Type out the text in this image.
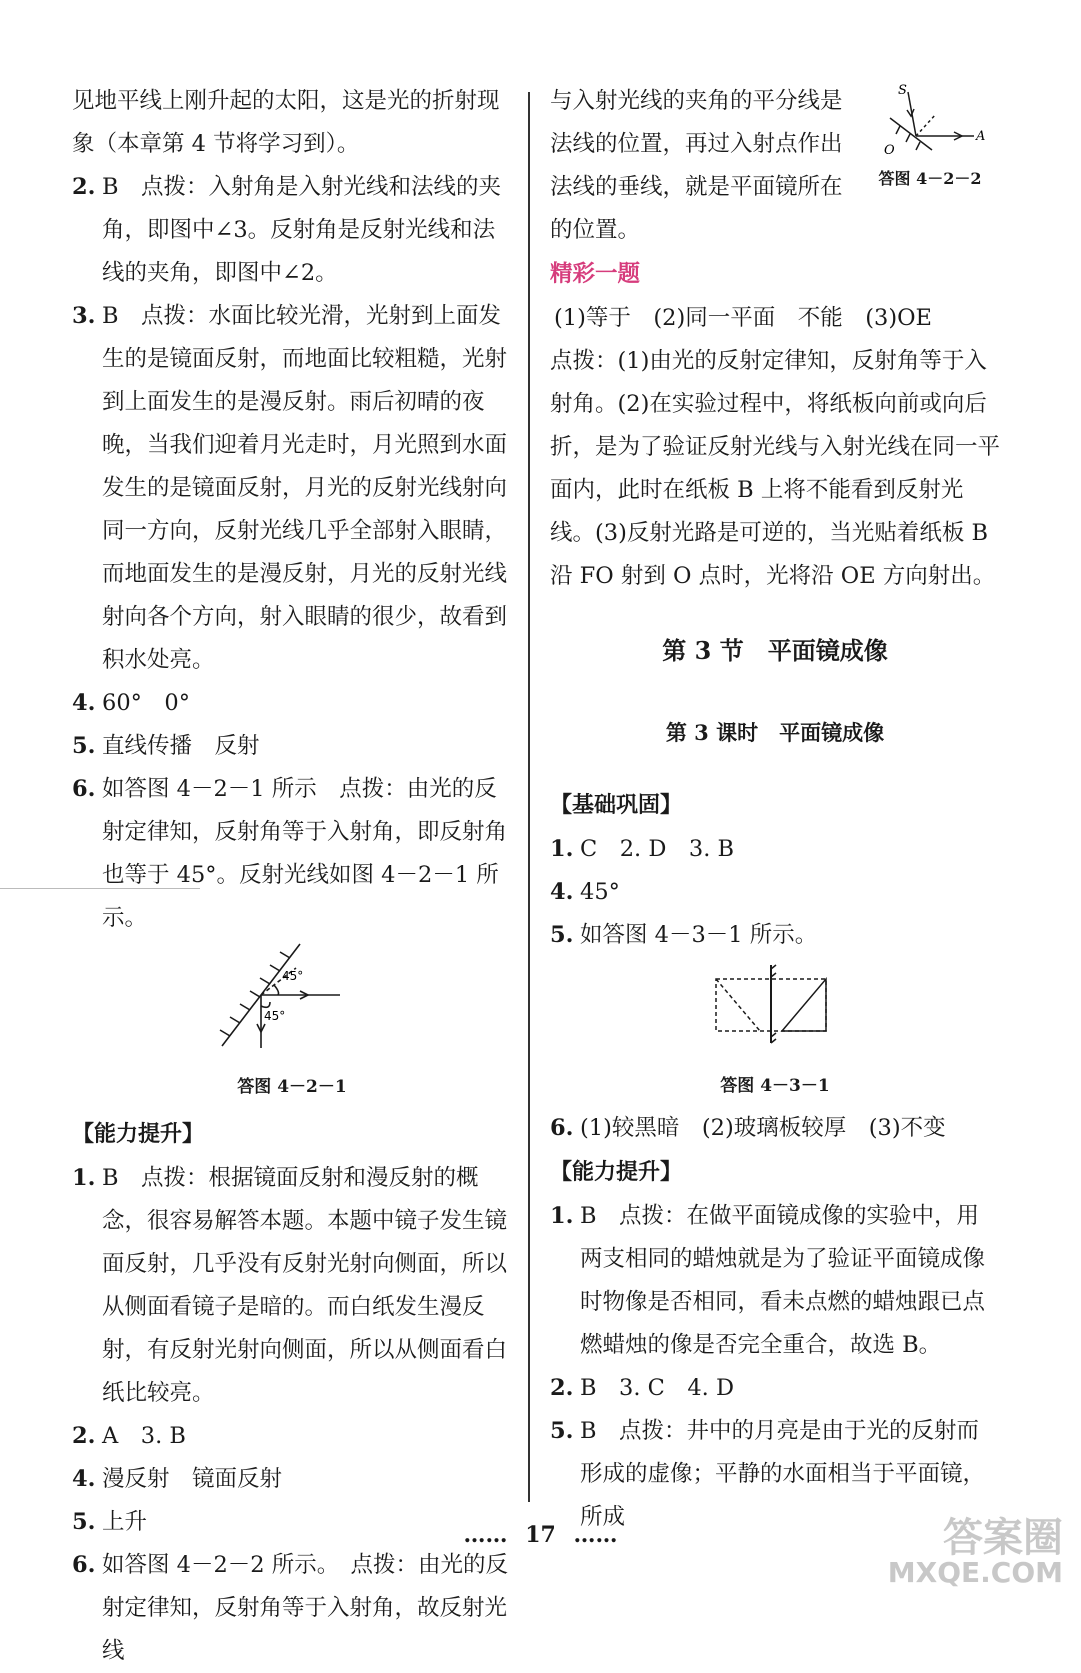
见地平线上刚升起的太阳，这是光的折射现象（本章第 4 节将学习到）。

2. B　点拨：入射角是入射光线和法线的夹角，即图中∠3。反射角是反射光线和法线的夹角，即图中∠2。

3. B　点拨：水面比较光滑，光射到上面发生的是镜面反射，而地面比较粗糙，光射到上面发生的是漫反射。雨后初晴的夜晚，当我们迎着月光走时，月光照到水面发生的是镜面反射，月光的反射光线射向同一方向，反射光线几乎全部射入眼睛，而地面发生的是漫反射，月光的反射光线射向各个方向，射入眼睛的很少，故看到积水处亮。

4. 60°　0°

5. 直线传播　反射

6. 如答图 4－2－1 所示　点拨：由光的反射定律知，反射角等于入射角，即反射角也等于 45°。反射光线如图 4－2－1 所示。

45°
45°
答图 4－2－1

【能力提升】

1. B　点拨：根据镜面反射和漫反射的概念，很容易解答本题。本题中镜子发生镜面反射，几乎没有反射光射向侧面，所以从侧面看镜子是暗的。而白纸发生漫反射，有反射光射向侧面，所以从侧面看白纸比较亮。

2. A　3. B

4. 漫反射　镜面反射

5. 上升

6. 如答图 4－2－2 所示。　点拨：由光的反射定律知，反射角等于入射角，故反射光线

S
O
A
答图 4－2－2

与入射光线的夹角的平分线是法线的位置，再过入射点作出法线的垂线，就是平面镜所在的位置。

精彩一题

(1)等于　(2)同一平面　不能　(3)OE

点拨：(1)由光的反射定律知，反射角等于入射角。(2)在实验过程中，将纸板向前或向后折，是为了验证反射光线与入射光线在同一平面内，此时在纸板 B 上将不能看到反射光线。(3)反射光路是可逆的，当光贴着纸板 B 沿 FO 射到 O 点时，光将沿 OE 方向射出。

第 3 节　平面镜成像

第 3 课时　平面镜成像

【基础巩固】

1. C　2. D　3. B

4. 45°

5. 如答图 4－3－1 所示。

答图 4－3－1

6. (1)较黑暗　(2)玻璃板较厚　(3)不变

【能力提升】

1. B　点拨：在做平面镜成像的实验中，用两支相同的蜡烛就是为了验证平面镜成像时物像是否相同，看未点燃的蜡烛跟已点燃蜡烛的像是否完全重合，故选 B。

2. B　3. C　4. D

5. B　点拨：井中的月亮是由于光的反射而形成的虚像；平静的水面相当于平面镜，所成

…… 17 ……	答案圈
MXQE.COM
